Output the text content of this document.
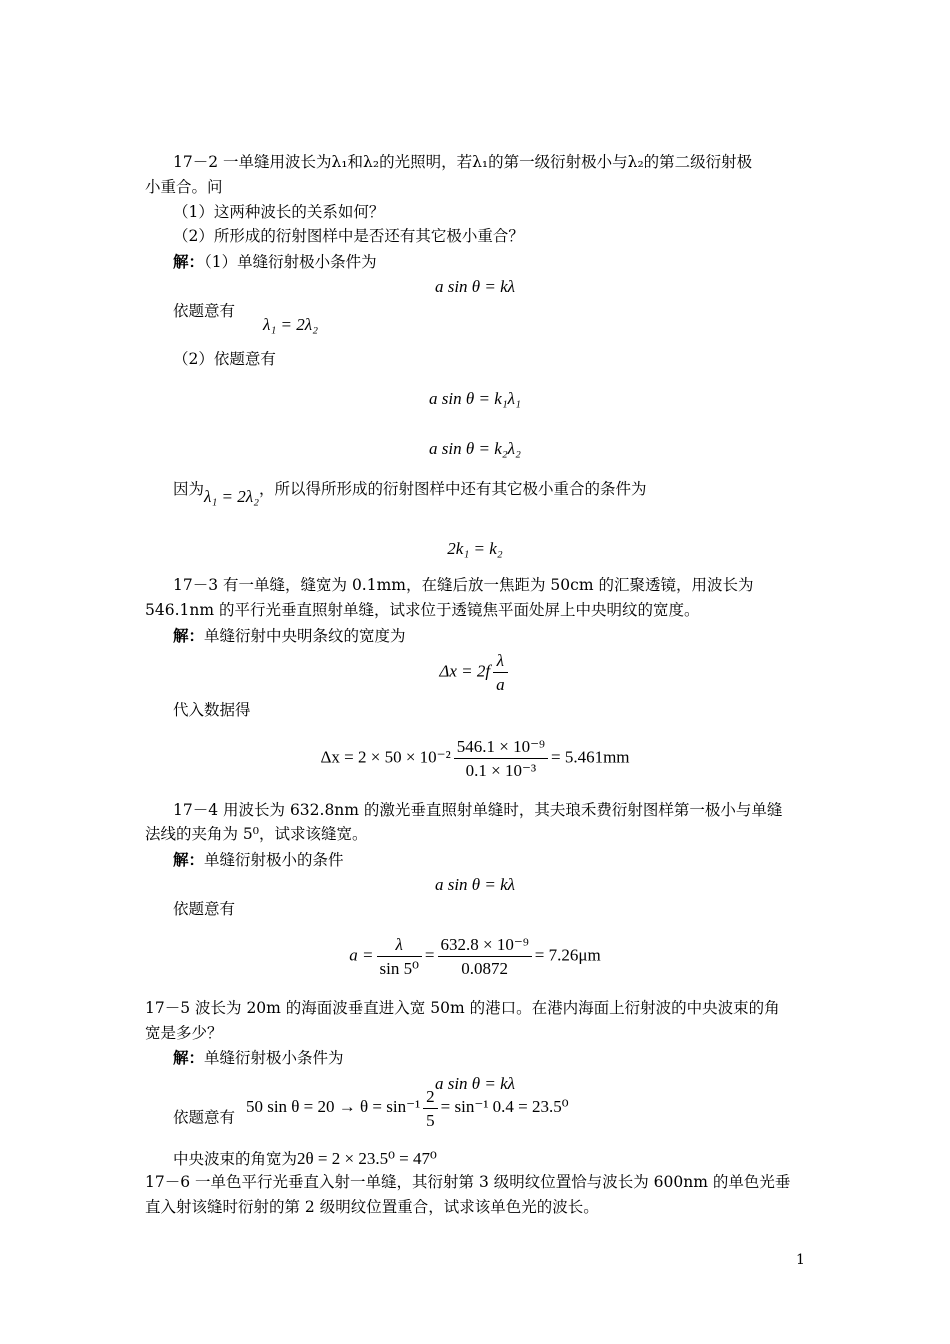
17－2 一单缝用波长为λ₁和λ₂的光照明，若λ₁的第一级衍射极小与λ₂的第二级衍射极
小重合。问
（1）这两种波长的关系如何？
（2）所形成的衍射图样中是否还有其它极小重合？
解：（1）单缝衍射极小条件为
a sin θ = kλ
依题意有
λ₁ = 2λ₂
（2）依题意有
a sin θ = k₁λ₁
a sin θ = k₂λ₂
因为λ₁ = 2λ₂，所以得所形成的衍射图样中还有其它极小重合的条件为
2k₁ = k₂
17－3 有一单缝，缝宽为 0.1mm，在缝后放一焦距为 50cm 的汇聚透镜，用波长为
546.1nm 的平行光垂直照射单缝，试求位于透镜焦平面处屏上中央明纹的宽度。
解：单缝衍射中央明条纹的宽度为
$\Delta x = 2f \frac{\lambda}{a}$
代入数据得
$\Delta x = 2 \times 50 \times 10^{-2} \frac{\text{546.1 × 10⁻⁹}}{\text{0.1 × 10⁻³}} = 5.461mm$
17－4 用波长为 632.8nm 的激光垂直照射单缝时，其夫琅禾费衍射图样第一极小与单缝
法线的夹角为 5⁰，试求该缝宽。
解：单缝衍射极小的条件
a sin θ = kλ
依题意有
$a = \frac{\lambda}{\text{sin 5⁰}} = \frac{\text{632.8 × 10⁻⁹}}{0.0872} = 7.26\mu m$
17－5 波长为 20m 的海面波垂直进入宽 50m 的港口。在港内海面上衍射波的中央波束的角
宽是多少？
解：单缝衍射极小条件为
a sin θ = kλ
依题意有 50 $\sin \theta = 20 \to \theta = \sin^{-1} \frac{2}{5} = \sin^{-1}$ 0.4 = 23.5⁰
中央波束的角宽为2θ = 2 × 23.5⁰ = 47⁰
17－6 一单色平行光垂直入射一单缝，其衍射第 3 级明纹位置恰与波长为 600nm 的单色光垂
直入射该缝时衍射的第 2 级明纹位置重合，试求该单色光的波长。
1
